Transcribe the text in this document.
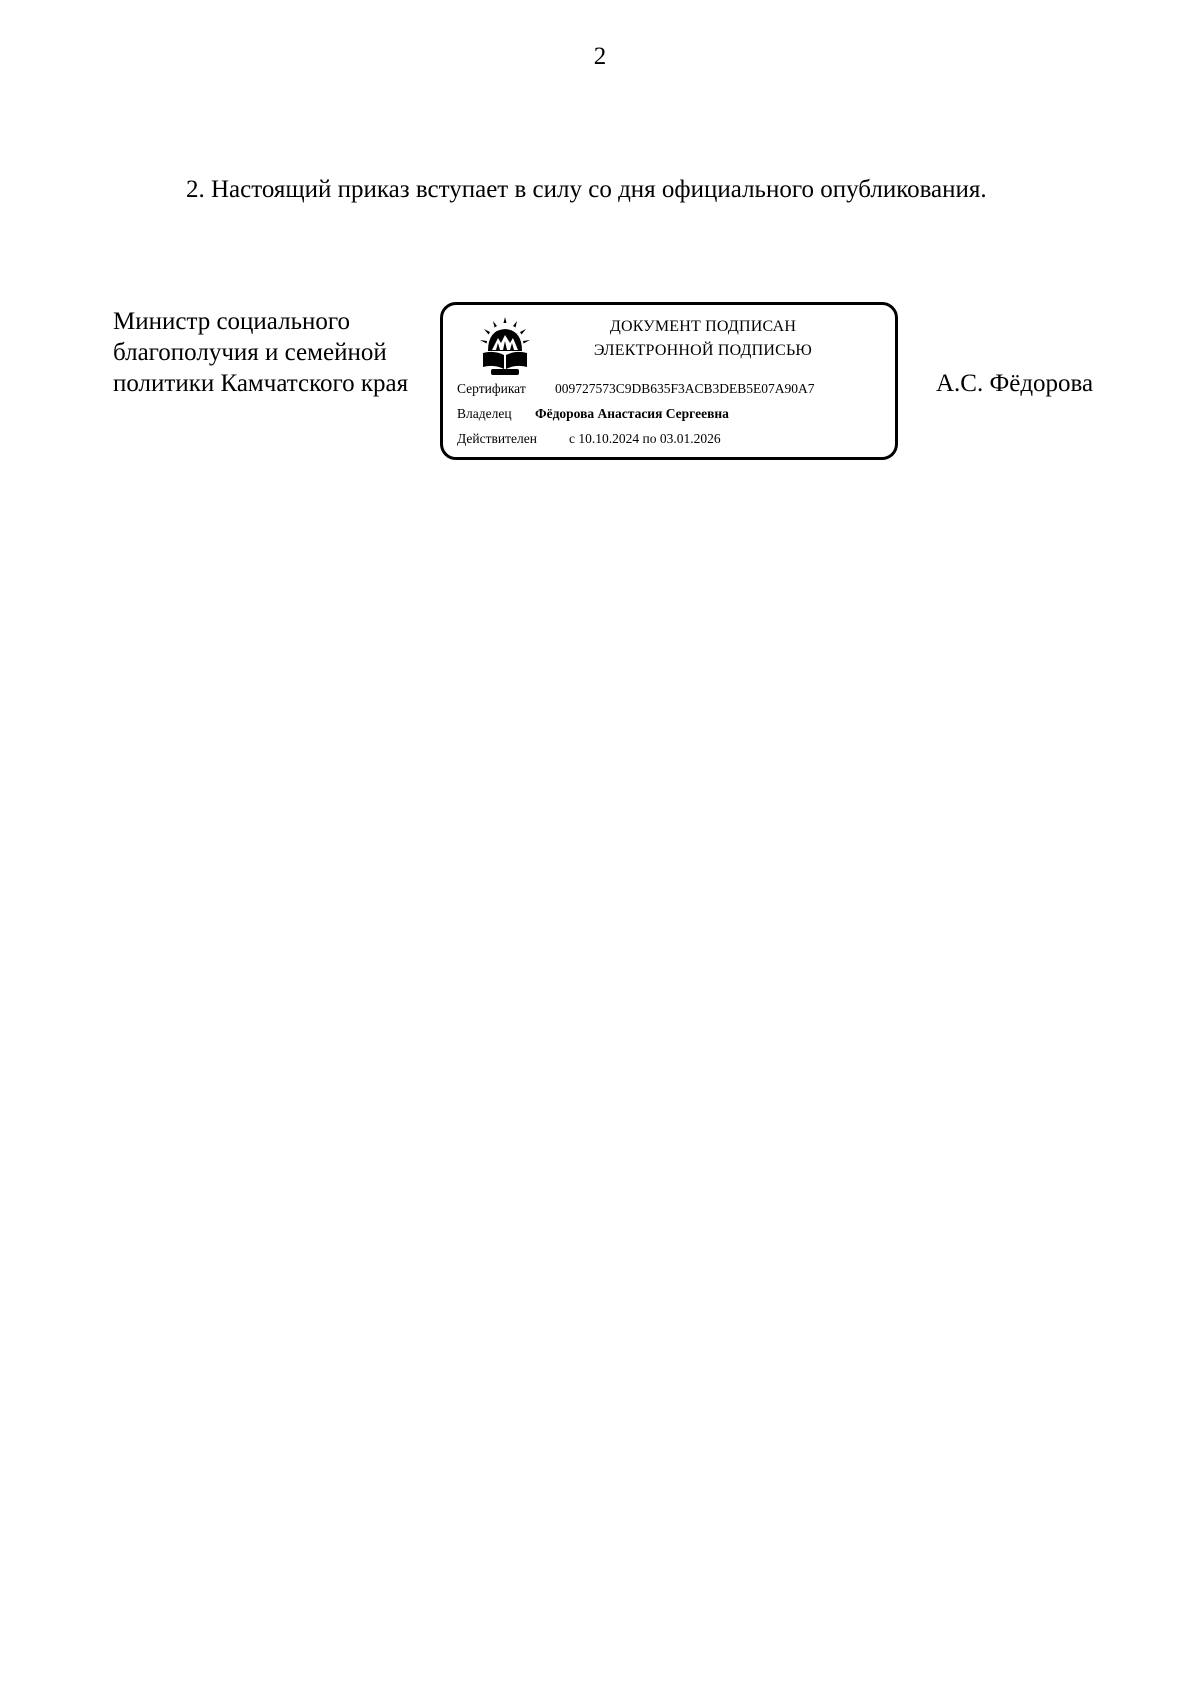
2
2. Настоящий приказ вступает в силу со дня официального опубликования.
Министр социального
благополучия и семейной
политики Камчатского края
ДОКУМЕНТ ПОДПИСАН
ЭЛЕКТРОННОЙ ПОДПИСЬЮ
Сертификат 009727573C9DB635F3ACB3DEB5E07A90A7
Владелец Фёдорова Анастасия Сергеевна
Действителен с 10.10.2024 по 03.01.2026
А.С. Фёдорова
